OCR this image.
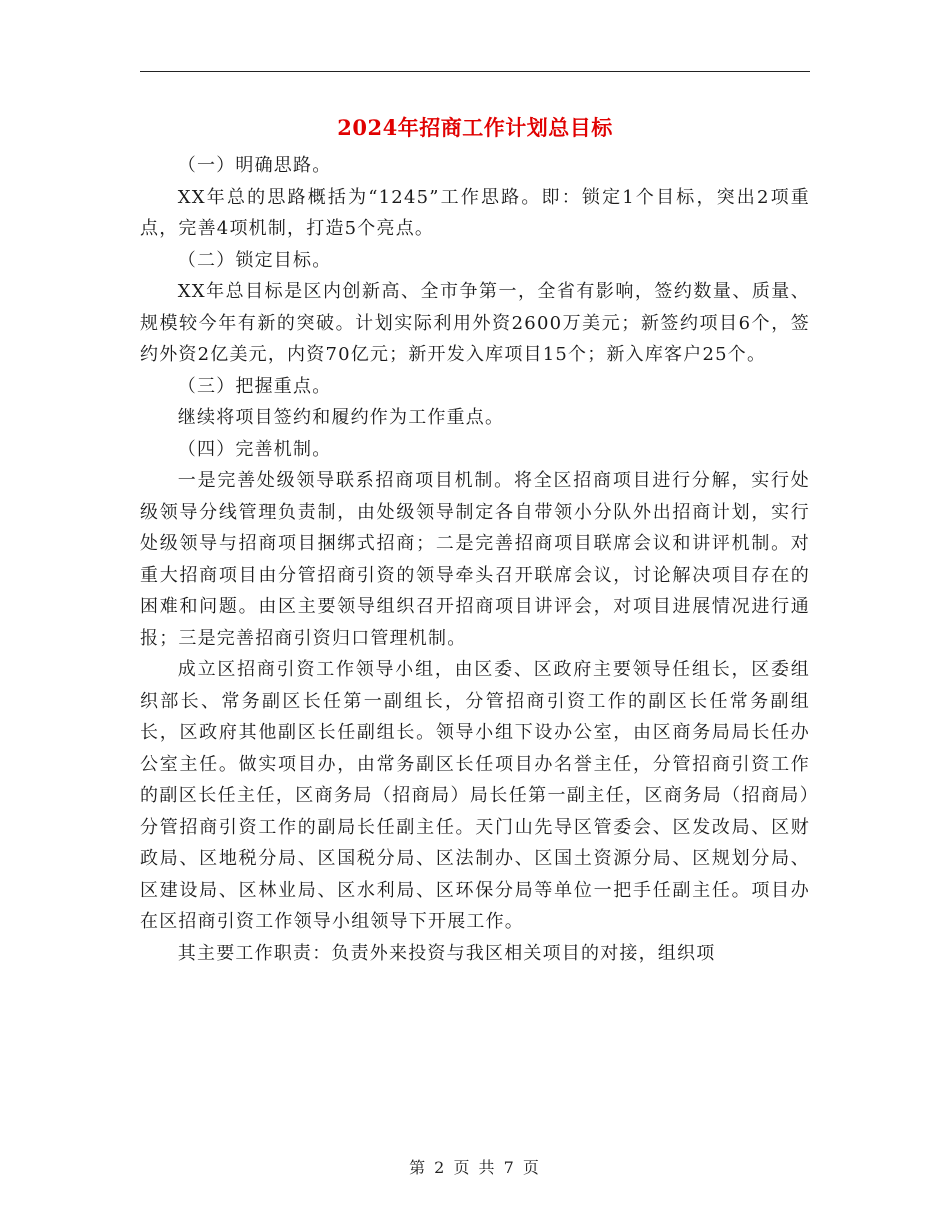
2024年招商工作计划总目标

（一）明确思路。

XX年总的思路概括为“1245”工作思路。即：锁定1个目标，突出2项重点，完善4项机制，打造5个亮点。

（二）锁定目标。

XX年总目标是区内创新高、全市争第一，全省有影响，签约数量、质量、规模较今年有新的突破。计划实际利用外资2600万美元；新签约项目6个，签约外资2亿美元，内资70亿元；新开发入库项目15个；新入库客户25个。

（三）把握重点。

继续将项目签约和履约作为工作重点。

（四）完善机制。

一是完善处级领导联系招商项目机制。将全区招商项目进行分解，实行处级领导分线管理负责制，由处级领导制定各自带领小分队外出招商计划，实行处级领导与招商项目捆绑式招商；二是完善招商项目联席会议和讲评机制。对重大招商项目由分管招商引资的领导牵头召开联席会议，讨论解决项目存在的困难和问题。由区主要领导组织召开招商项目讲评会，对项目进展情况进行通报；三是完善招商引资归口管理机制。

成立区招商引资工作领导小组，由区委、区政府主要领导任组长，区委组织部长、常务副区长任第一副组长，分管招商引资工作的副区长任常务副组长，区政府其他副区长任副组长。领导小组下设办公室，由区商务局局长任办公室主任。做实项目办，由常务副区长任项目办名誉主任，分管招商引资工作的副区长任主任，区商务局（招商局）局长任第一副主任，区商务局（招商局）分管招商引资工作的副局长任副主任。天门山先导区管委会、区发改局、区财政局、区地税分局、区国税分局、区法制办、区国土资源分局、区规划分局、区建设局、区林业局、区水利局、区环保分局等单位一把手任副主任。项目办在区招商引资工作领导小组领导下开展工作。

其主要工作职责：负责外来投资与我区相关项目的对接，组织项

第 2 页 共 7 页
